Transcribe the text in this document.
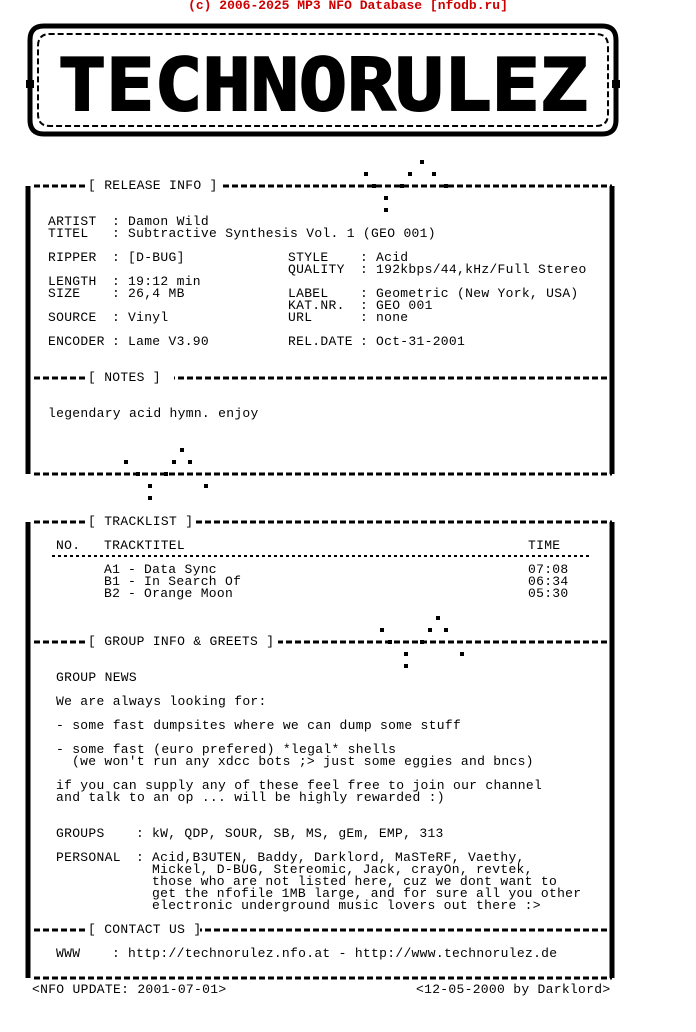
(c) 2006-2025 MP3 NFO Database [nfodb.ru]
TECHNORULEZ
[ RELEASE INFO ]
[ NOTES ]
[ TRACKLIST ]
[ GROUP INFO & GREETS ]
[ CONTACT US ]
ARTIST : Damon Wild
TITEL : Subtractive Synthesis Vol. 1 (GEO 001)
RIPPER : [D-BUG]	STYLE : Acid
QUALITY : 192kbps/44,kHz/Full Stereo
LENGTH : 19:12 min
SIZE : 26,4 MB	LABEL : Geometric (New York, USA)
KAT.NR. : GEO 001
SOURCE : Vinyl	URL	: none
ENCODER : Lame V3.90	REL.DATE : Oct-31-2001
legendary acid hymn. enjoy
NO. TRACKTITEL	TIME
A1 - Data Sync	07:08
B1 - In Search Of	06:34
B2 - Orange Moon	05:30
GROUP NEWS
We are always looking for:
- some fast dumpsites where we can dump some stuff
- some fast (euro prefered) *legal* shells
(we won't run any xdcc bots ;> just some eggies and bncs)
if you can supply any of these feel free to join our channel
and talk to an op ... will be highly rewarded :)
GROUPS : kW, QDP, SOUR, SB, MS, gEm, EMP, 313
PERSONAL : Acid,B3UTEN, Baddy, Darklord, MaSTeRF, Vaethy,
Mickel, D-BUG, Stereomic, Jack, crayOn, revtek,
those who are not listed here, cuz we dont want to
get the nfofile 1MB large, and for sure all you other
electronic underground music lovers out there :>
WWW : http://technorulez.nfo.at - http://www.technorulez.de
<NFO UPDATE: 2001-07-01>	<12-05-2000 by Darklord>
